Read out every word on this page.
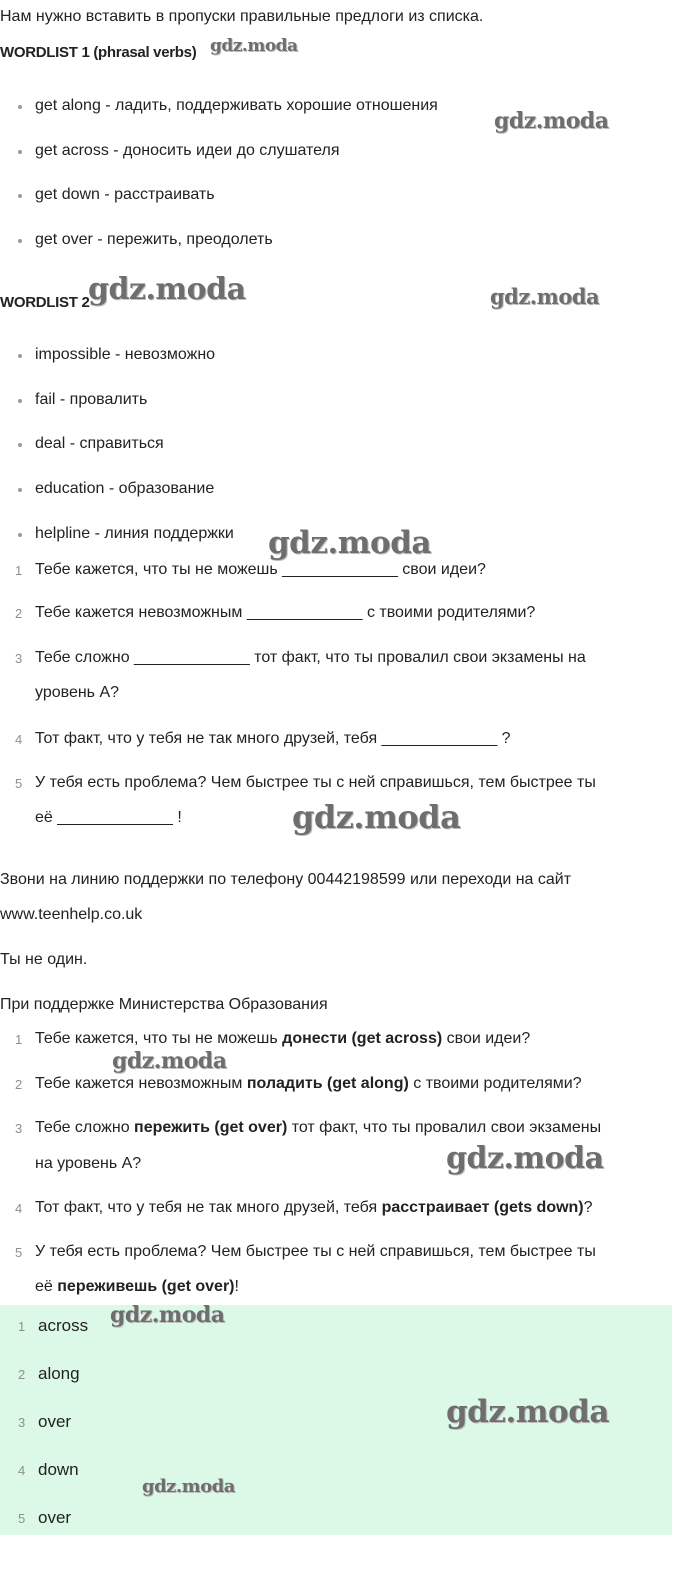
Нам нужно вставить в пропуски правильные предлоги из списка.
WORDLIST 1 (phrasal verbs)
get along - ладить, поддерживать хорошие отношения
get across - доносить идеи до слушателя
get down - расстраивать
get over - пережить, преодолеть
WORDLIST 2
impossible - невозможно
fail - провалить
deal - справиться
education - образование
helpline - линия поддержки
1 Тебе кажется, что ты не можешь _____________ свои идеи?
2 Тебе кажется невозможным _____________ с твоими родителями?
3 Тебе сложно _____________ тот факт, что ты провалил свои экзамены на
уровень А?
4 Тот факт, что у тебя не так много друзей, тебя _____________ ?
5 У тебя есть проблема? Чем быстрее ты с ней справишься, тем быстрее ты
её _____________ !
Звони на линию поддержки по телефону 00442198599 или переходи на сайт
www.teenhelp.co.uk
Ты не один.
При поддержке Министерства Образования
1 Тебе кажется, что ты не можешь донести (get across) свои идеи?
2 Тебе кажется невозможным поладить (get along) с твоими родителями?
3 Тебе сложно пережить (get over) тот факт, что ты провалил свои экзамены
на уровень А?
4 Тот факт, что у тебя не так много друзей, тебя расстраивает (gets down)?
5 У тебя есть проблема? Чем быстрее ты с ней справишься, тем быстрее ты
её переживешь (get over)!
1 across
2 along
3 over
4 down
5 over
gdz.moda
gdz.moda
gdz.moda	gdz.moda
gdz.moda
gdz.moda
gdz.moda
gdz.moda
gdz.moda
gdz.moda
gdz.moda
